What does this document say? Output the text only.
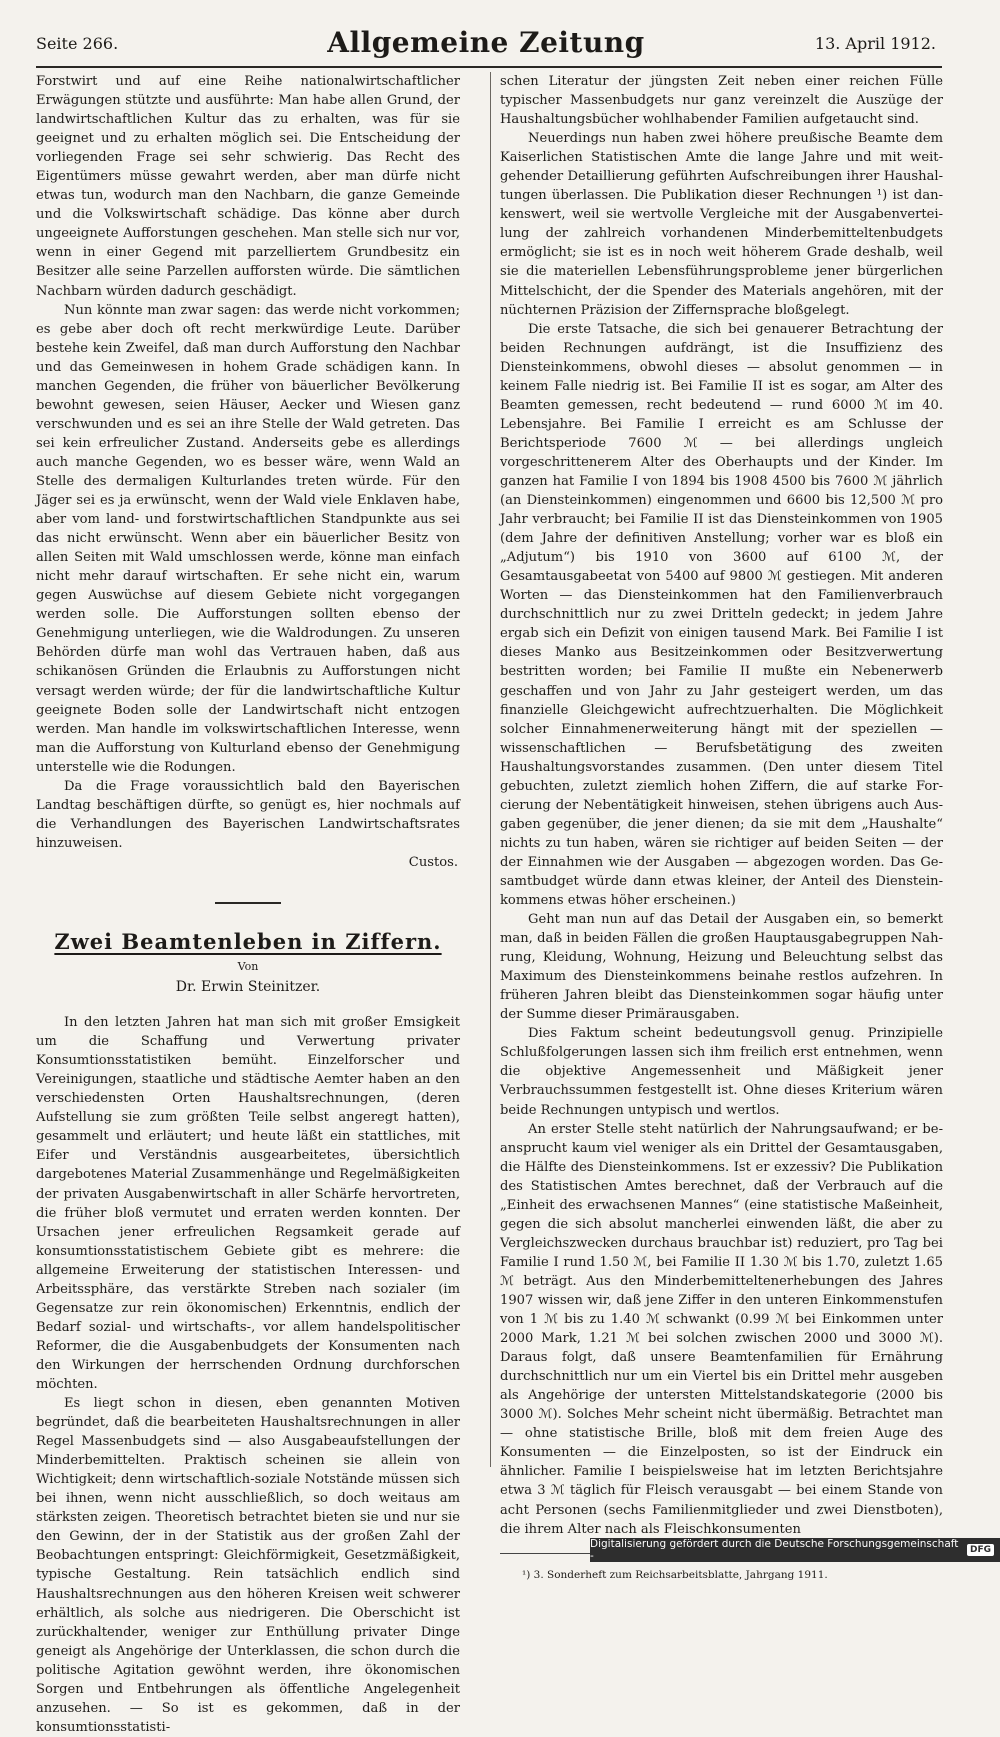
Seite 266.	Allgemeine Zeitung	13. April 1912.

Forstwirt und auf eine Reihe nationalwirtschaftlicher Erwägungen stützte und ausführte: Man habe allen Grund, der landwirtschaftlichen Kultur das zu erhalten, was für sie geeignet und zu erhalten möglich sei. Die Entscheidung der vorliegenden Frage sei sehr schwierig. Das Recht des Eigentümers müsse gewahrt werden, aber man dürfe nicht etwas tun, wodurch man den Nachbarn, die ganze Gemeinde und die Volkswirtschaft schädige. Das könne aber durch ungeeignete Aufforstungen geschehen. Man stelle sich nur vor, wenn in einer Gegend mit parzelliertem Grundbesitz ein Besitzer alle seine Parzellen aufforsten würde. Die sämtlichen Nachbarn würden dadurch geschädigt.

Nun könnte man zwar sagen: das werde nicht vorkommen; es gebe aber doch oft recht merkwürdige Leute. Darüber bestehe kein Zweifel, daß man durch Aufforstung den Nachbar und das Gemeinwesen in hohem Grade schädigen kann. In manchen Gegenden, die früher von bäuerlicher Bevölkerung bewohnt gewesen, seien Häuser, Aecker und Wiesen ganz verschwunden und es sei an ihre Stelle der Wald getreten. Das sei kein erfreulicher Zustand. Anderseits gebe es allerdings auch manche Gegenden, wo es besser wäre, wenn Wald an Stelle des dermaligen Kulturlandes treten würde. Für den Jäger sei es ja erwünscht, wenn der Wald viele Enklaven habe, aber vom land- und forstwirtschaftlichen Standpunkte aus sei das nicht erwünscht. Wenn aber ein bäuerlicher Besitz von allen Seiten mit Wald umschlossen werde, könne man einfach nicht mehr darauf wirtschaften. Er sehe nicht ein, warum gegen Auswüchse auf diesem Gebiete nicht vorgegangen werden solle. Die Aufforstungen sollten ebenso der Genehmigung unterliegen, wie die Waldrodungen. Zu unseren Behörden dürfe man wohl das Vertrauen haben, daß aus schikanösen Gründen die Erlaubnis zu Aufforstungen nicht versagt werden würde; der für die landwirtschaftliche Kultur geeignete Boden solle der Landwirtschaft nicht entzogen werden. Man handle im volkswirtschaftlichen Interesse, wenn man die Aufforstung von Kulturland ebenso der Genehmigung unterstelle wie die Rodungen.

Da die Frage voraussichtlich bald den Bayerischen Landtag beschäftigen dürfte, so genügt es, hier nochmals auf die Verhandlungen des Bayerischen Landwirtschaftsrates hinzuweisen.

Custos.

Zwei Beamtenleben in Ziffern.
Von
Dr. Erwin Steinitzer.

In den letzten Jahren hat man sich mit großer Emsigkeit um die Schaffung und Verwertung privater Konsumtionsstatistiken bemüht. Einzelforscher und Vereinigungen, staatliche und städtische Aemter haben an den verschiedensten Orten Haushaltsrechnungen, (deren Aufstellung sie zum größten Teile selbst angeregt hatten), gesammelt und erläutert; und heute läßt ein stattliches, mit Eifer und Verständnis ausgearbeitetes, übersichtlich dargebotenes Material Zusammenhänge und Regelmäßigkeiten der privaten Ausgabenwirtschaft in aller Schärfe hervortreten, die früher bloß vermutet und erraten werden konnten. Der Ursachen jener erfreulichen Regsamkeit gerade auf konsumtionsstatistischem Gebiete gibt es mehrere: die allgemeine Erweiterung der statistischen Interessen- und Arbeitssphäre, das verstärkte Streben nach sozialer (im Gegensatze zur rein ökonomischen) Erkenntnis, endlich der Bedarf sozial- und wirtschafts-, vor allem handelspolitischer Reformer, die die Ausgabenbudgets der Konsumenten nach den Wirkungen der herrschenden Ordnung durchforschen möchten.

Es liegt schon in diesen, eben genannten Motiven begründet, daß die bearbeiteten Haushaltsrechnungen in aller Regel Massenbudgets sind — also Ausgabeaufstellungen der Minderbemittelten. Praktisch scheinen sie allein von Wichtigkeit; denn wirtschaftlich-soziale Notstände müssen sich bei ihnen, wenn nicht ausschließlich, so doch weitaus am stärksten zeigen. Theoretisch betrachtet bieten sie und nur sie den Gewinn, der in der Statistik aus der großen Zahl der Beobachtungen entspringt: Gleichförmigkeit, Gesetzmäßigkeit, typische Gestaltung. Rein tatsächlich endlich sind Haushaltsrechnungen aus den höheren Kreisen weit schwerer erhältlich, als solche aus niedrigeren. Die Oberschicht ist zurückhaltender, weniger zur Enthüllung privater Dinge geneigt als Angehörige der Unterklassen, die schon durch die politische Agitation gewöhnt werden, ihre ökonomischen Sorgen und Entbehrungen als öffentliche Angelegenheit anzusehen. — So ist es gekommen, daß in der konsumtionsstatisti-

schen Literatur der jüngsten Zeit neben einer reichen Fülle typischer Massenbudgets nur ganz vereinzelt die Auszüge der Haushaltungsbücher wohlhabender Familien aufgetaucht sind.

Neuerdings nun haben zwei höhere preußische Beamte dem Kaiserlichen Statistischen Amte die lange Jahre und mit weitgehender Detaillierung geführten Aufschreibungen ihrer Haushaltungen überlassen. Die Publikation dieser Rechnungen ¹) ist dankenswert, weil sie wertvolle Vergleiche mit der Ausgabenverteilung der zahlreich vorhandenen Minderbemitteltenbudgets ermöglicht; sie ist es in noch weit höherem Grade deshalb, weil sie die materiellen Lebensführungsprobleme jener bürgerlichen Mittelschicht, der die Spender des Materials angehören, mit der nüchternen Präzision der Ziffernsprache bloßgelegt.

Die erste Tatsache, die sich bei genauerer Betrachtung der beiden Rechnungen aufdrängt, ist die Insuffizienz des Diensteinkommens, obwohl dieses — absolut genommen — in keinem Falle niedrig ist. Bei Familie II ist es sogar, am Alter des Beamten gemessen, recht bedeutend — rund 6000 ℳ im 40. Lebensjahre. Bei Familie I erreicht es am Schlusse der Berichtsperiode 7600 ℳ — bei allerdings ungleich vorgeschrittenerem Alter des Oberhaupts und der Kinder. Im ganzen hat Familie I von 1894 bis 1908 4500 bis 7600 ℳ jährlich (an Diensteinkommen) eingenommen und 6600 bis 12,500 ℳ pro Jahr verbraucht; bei Familie II ist das Diensteinkommen von 1905 (dem Jahre der definitiven Anstellung; vorher war es bloß ein „Adjutum“) bis 1910 von 3600 auf 6100 ℳ, der Gesamtausgabeetat von 5400 auf 9800 ℳ gestiegen. Mit anderen Worten — das Diensteinkommen hat den Familienverbrauch durchschnittlich nur zu zwei Dritteln gedeckt; in jedem Jahre ergab sich ein Defizit von einigen tausend Mark. Bei Familie I ist dieses Manko aus Besitzeinkommen oder Besitzverwertung bestritten worden; bei Familie II mußte ein Nebenerwerb geschaffen und von Jahr zu Jahr gesteigert werden, um das finanzielle Gleichgewicht aufrechtzuerhalten. Die Möglichkeit solcher Einnahmenerweiterung hängt mit der speziellen — wissenschaftlichen — Berufsbetätigung des zweiten Haushaltungsvorstandes zusammen. (Den unter diesem Titel gebuchten, zuletzt ziemlich hohen Ziffern, die auf starke Forcierung der Nebentätigkeit hinweisen, stehen übrigens auch Ausgaben gegenüber, die jener dienen; da sie mit dem „Haushalte“ nichts zu tun haben, wären sie richtiger auf beiden Seiten — der der Einnahmen wie der Ausgaben — abgezogen worden. Das Gesamtbudget würde dann etwas kleiner, der Anteil des Diensteinkommens etwas höher erscheinen.)

Geht man nun auf das Detail der Ausgaben ein, so bemerkt man, daß in beiden Fällen die großen Hauptausgabegruppen Nahrung, Kleidung, Wohnung, Heizung und Beleuchtung selbst das Maximum des Diensteinkommens beinahe restlos aufzehren. In früheren Jahren bleibt das Diensteinkommen sogar häufig unter der Summe dieser Primärausgaben.

Dies Faktum scheint bedeutungsvoll genug. Prinzipielle Schlußfolgerungen lassen sich ihm freilich erst entnehmen, wenn die objektive Angemessenheit und Mäßigkeit jener Verbrauchssummen festgestellt ist. Ohne dieses Kriterium wären beide Rechnungen untypisch und wertlos.

An erster Stelle steht natürlich der Nahrungsaufwand; er beansprucht kaum viel weniger als ein Drittel der Gesamtausgaben, die Hälfte des Diensteinkommens. Ist er exzessiv? Die Publikation des Statistischen Amtes berechnet, daß der Verbrauch auf die „Einheit des erwachsenen Mannes“ (eine statistische Maßeinheit, gegen die sich absolut mancherlei einwenden läßt, die aber zu Vergleichszwecken durchaus brauchbar ist) reduziert, pro Tag bei Familie I rund 1.50 ℳ, bei Familie II 1.30 ℳ bis 1.70, zuletzt 1.65 ℳ beträgt. Aus den Minderbemitteltenerhebungen des Jahres 1907 wissen wir, daß jene Ziffer in den unteren Einkommenstufen von 1 ℳ bis zu 1.40 ℳ schwankt (0.99 ℳ bei Einkommen unter 2000 Mark, 1.21 ℳ bei solchen zwischen 2000 und 3000 ℳ). Daraus folgt, daß unsere Beamtenfamilien für Ernährung durchschnittlich nur um ein Viertel bis ein Drittel mehr ausgeben als Angehörige der untersten Mittelstandskategorie (2000 bis 3000 ℳ). Solches Mehr scheint nicht übermäßig. Betrachtet man — ohne statistische Brille, bloß mit dem freien Auge des Konsumenten — die Einzelposten, so ist der Eindruck ein ähnlicher. Familie I beispielsweise hat im letzten Berichtsjahre etwa 3 ℳ täglich für Fleisch verausgabt — bei einem Stande von acht Personen (sechs Familienmitglieder und zwei Dienstboten), die ihrem Alter nach als Fleischkonsumenten

¹) 3. Sonderheft zum Reichsarbeitsblatte, Jahrgang 1911.

Digitalisierung gefördert durch die Deutsche Forschungsgemeinschaft -	DFG
